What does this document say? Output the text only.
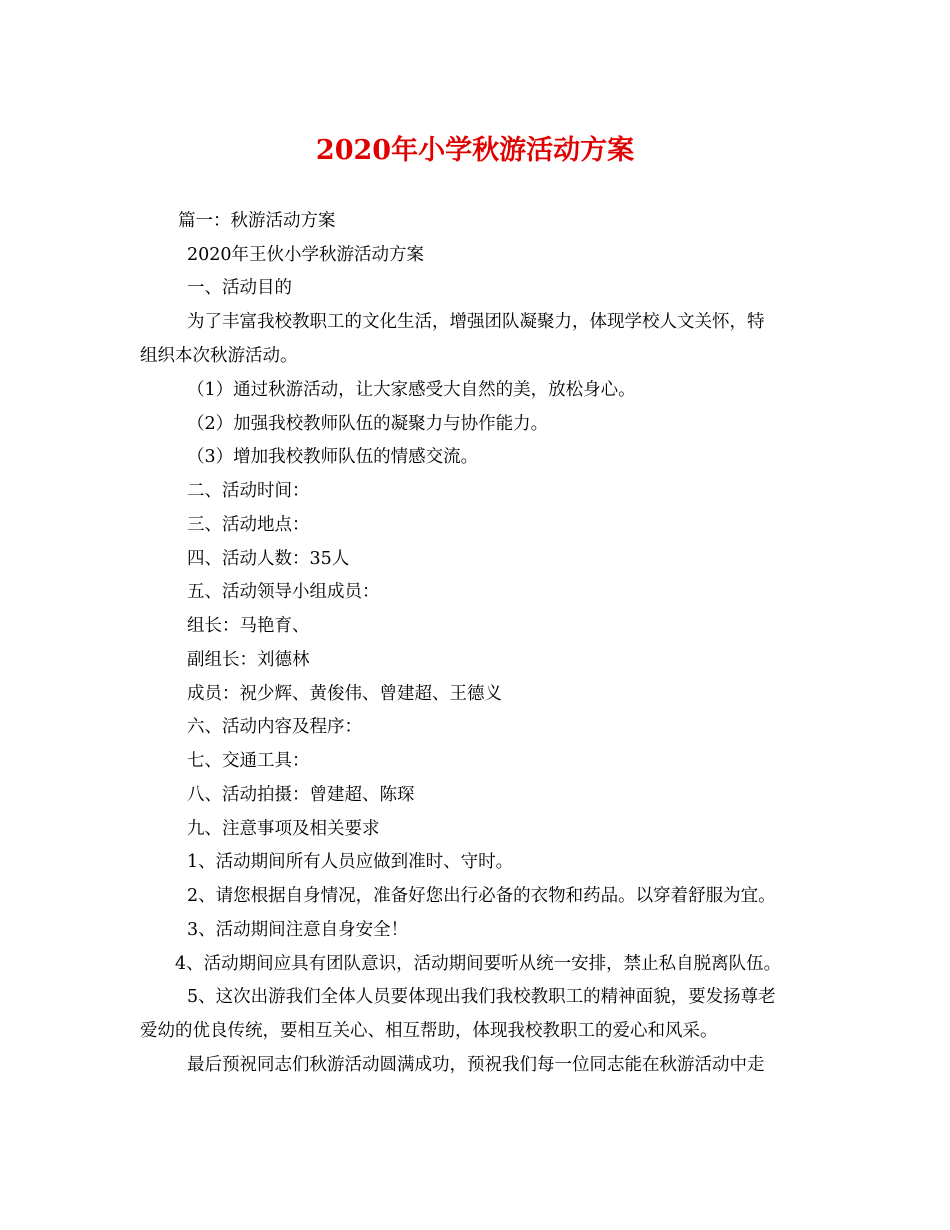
2020年小学秋游活动方案
篇一：秋游活动方案
2020年王伙小学秋游活动方案
一、活动目的
为了丰富我校教职工的文化生活，增强团队凝聚力，体现学校人文关怀，特
组织本次秋游活动。
（1）通过秋游活动，让大家感受大自然的美，放松身心。
（2）加强我校教师队伍的凝聚力与协作能力。
（3）增加我校教师队伍的情感交流。
二、活动时间：
三、活动地点：
四、活动人数：35人
五、活动领导小组成员：
组长：马艳育、
副组长：刘德林
成员：祝少辉、黄俊伟、曾建超、王德义
六、活动内容及程序：
七、交通工具：
八、活动拍摄：曾建超、陈琛
九、注意事项及相关要求
1、活动期间所有人员应做到准时、守时。
2、请您根据自身情况，准备好您出行必备的衣物和药品。以穿着舒服为宜。
3、活动期间注意自身安全！
4、活动期间应具有团队意识，活动期间要听从统一安排，禁止私自脱离队伍。
5、这次出游我们全体人员要体现出我们我校教职工的精神面貌，要发扬尊老
爱幼的优良传统，要相互关心、相互帮助，体现我校教职工的爱心和风采。
最后预祝同志们秋游活动圆满成功，预祝我们每一位同志能在秋游活动中走
